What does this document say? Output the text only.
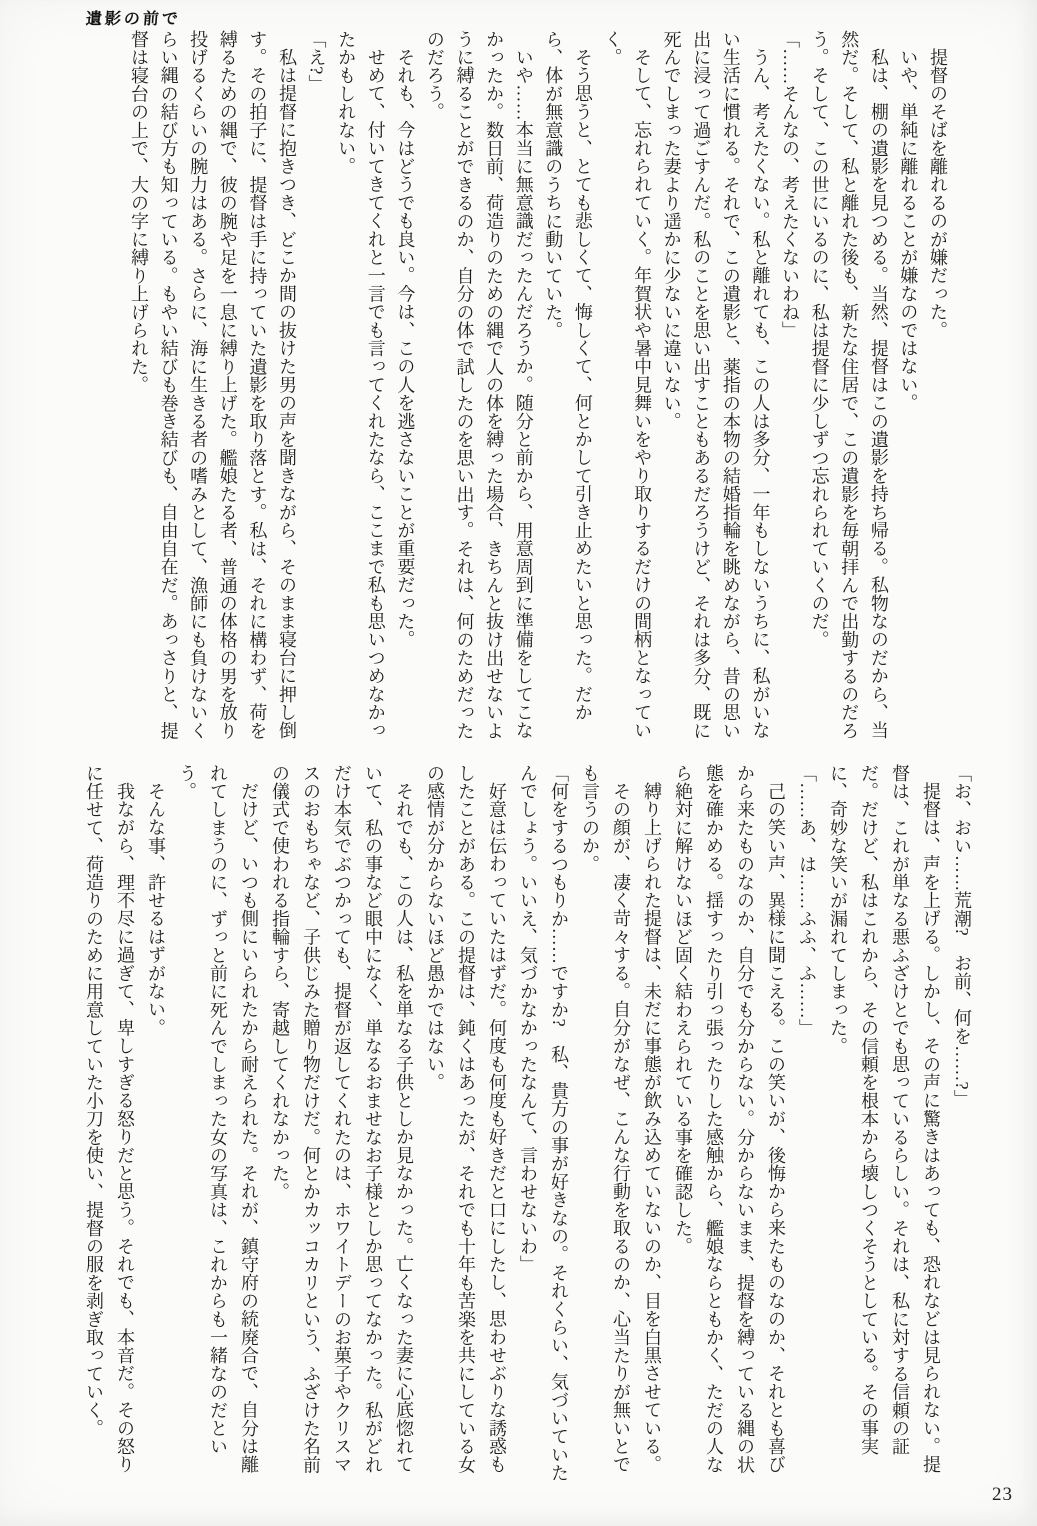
遺影の前で

提督のそばを離れるのが嫌だった。

いや、単純に離れることが嫌なのではない。

私は、棚の遺影を見つめる。当然、提督はこの遺影を持ち帰る。私物なのだから、当然だ。そして、私と離れた後も、新たな住居で、この遺影を毎朝拝んで出勤するのだろう。そして、この世にいるのに、私は提督に少しずつ忘れられていくのだ。

「……そんなの、考えたくないわね」

うん、考えたくない。私と離れても、この人は多分、一年もしないうちに、私がいない生活に慣れる。それで、この遺影と、薬指の本物の結婚指輪を眺めながら、昔の思い出に浸って過ごすんだ。私のことを思い出すこともあるだろうけど、それは多分、既に死んでしまった妻より遥かに少ないに違いない。

そして、忘れられていく。年賀状や暑中見舞いをやり取りするだけの間柄となっていく。

そう思うと、とても悲しくて、悔しくて、何とかして引き止めたいと思った。だから、体が無意識のうちに動いていた。

いや……本当に無意識だったんだろうか。随分と前から、用意周到に準備をしてこなかったか。数日前、荷造りのための縄で人の体を縛った場合、きちんと抜け出せないように縛ることができるのか、自分の体で試したのを思い出す。それは、何のためだったのだろう。

それも、今はどうでも良い。今は、この人を逃さないことが重要だった。

せめて、付いてきてくれと一言でも言ってくれたなら、ここまで私も思いつめなかったかもしれない。

「え?」

私は提督に抱きつき、どこか間の抜けた男の声を聞きながら、そのまま寝台に押し倒す。その拍子に、提督は手に持っていた遺影を取り落とす。私は、それに構わず、荷を縛るための縄で、彼の腕や足を一息に縛り上げた。艦娘たる者、普通の体格の男を放り投げるくらいの腕力はある。さらに、海に生きる者の嗜みとして、漁師にも負けないくらい縄の結び方も知っている。もやい結びも巻き結びも、自由自在だ。あっさりと、提督は寝台の上で、大の字に縛り上げられた。

「お、おい……荒潮?　お前、何を……?」

提督は、声を上げる。しかし、その声に驚きはあっても、恐れなどは見られない。提督は、これが単なる悪ふざけとでも思っているらしい。それは、私に対する信頼の証だ。だけど、私はこれから、その信頼を根本から壊しつくそうとしている。その事実に、奇妙な笑いが漏れてしまった。

「……あ、は……ふふ、ふ……」

己の笑い声、異様に聞こえる。この笑いが、後悔から来たものなのか、それとも喜びから来たものなのか、自分でも分からない。分からないまま、提督を縛っている縄の状態を確かめる。揺すったり引っ張ったりした感触から、艦娘ならともかく、ただの人なら絶対に解けないほど固く結わえられている事を確認した。

縛り上げられた提督は、未だに事態が飲み込めていないのか、目を白黒させている。

その顔が、凄く苛々する。自分がなぜ、こんな行動を取るのか、心当たりが無いとでも言うのか。

「何をするつもりか……ですか?　私、貴方の事が好きなの。それくらい、気づいていたんでしょう。いいえ、気づかなかったなんて、言わせないわ」

好意は伝わっていたはずだ。何度も何度も好きだと口にしたし、思わせぶりな誘惑もしたことがある。この提督は、鈍くはあったが、それでも十年も苦楽を共にしている女の感情が分からないほど愚かではない。

それでも、この人は、私を単なる子供としか見なかった。亡くなった妻に心底惚れていて、私の事など眼中になく、単なるおませなお子様としか思ってなかった。私がどれだけ本気でぶつかっても、提督が返してくれたのは、ホワイトデーのお菓子やクリスマスのおもちゃなど、子供じみた贈り物だけだ。何とかカッコカリという、ふざけた名前の儀式で使われる指輪すら、寄越してくれなかった。

だけど、いつも側にいられたから耐えられた。それが、鎮守府の統廃合で、自分は離れてしまうのに、ずっと前に死んでしまった女の写真は、これからも一緒なのだという。

そんな事、許せるはずがない。

我ながら、理不尽に過ぎて、卑しすぎる怒りだと思う。それでも、本音だ。その怒りに任せて、荷造りのために用意していた小刀を使い、提督の服を剥ぎ取っていく。

23
